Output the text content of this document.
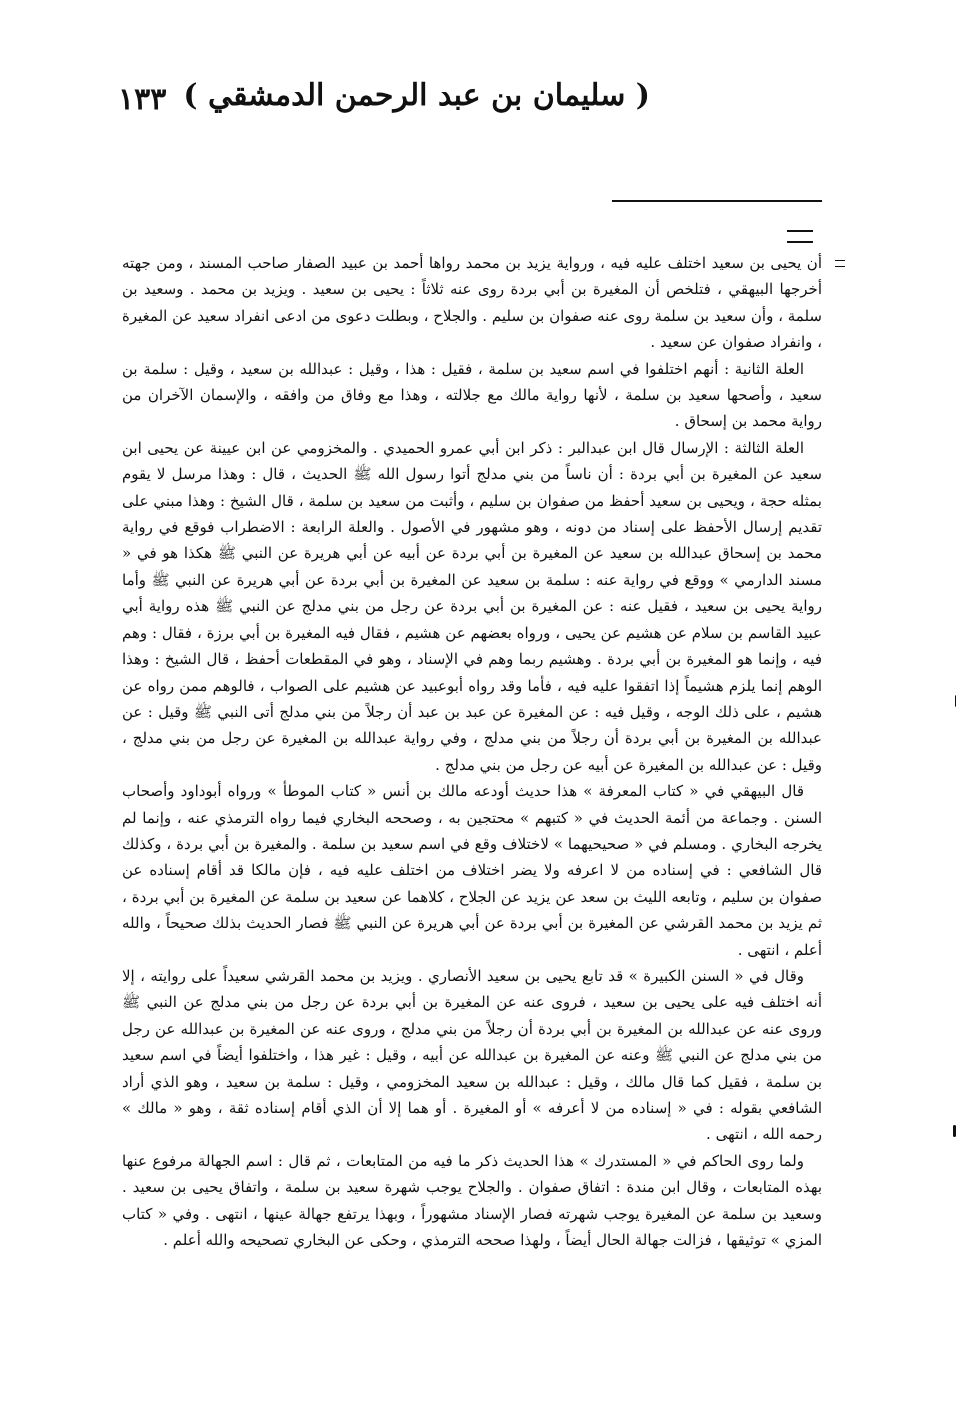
١٣٣ ( سليمان بن عبد الرحمن الدمشقي )

أن يحيى بن سعيد اختلف عليه فيه ، ورواية يزيد بن محمد رواها أحمد بن عبيد الصفار صاحب المسند ، ومن جهته أخرجها البيهقي ، فتلخص أن المغيرة بن أبي بردة روى عنه ثلاثاً : يحيى بن سعيد . ويزيد بن محمد . وسعيد بن سلمة ، وأن سعيد بن سلمة روى عنه صفوان بن سليم . والجلاح ، وبطلت دعوى من ادعى انفراد سعيد عن المغيرة ، وانفراد صفوان عن سعيد .

العلة الثانية : أنهم اختلفوا في اسم سعيد بن سلمة ، فقيل : هذا ، وقيل : عبدالله بن سعيد ، وقيل : سلمة بن سعيد ، وأصحها سعيد بن سلمة ، لأنها رواية مالك مع جلالته ، وهذا مع وفاق من وافقه ، والإسمان الآخران من رواية محمد بن إسحاق .

العلة الثالثة : الإرسال قال ابن عبدالبر : ذكر ابن أبي عمرو الحميدي . والمخزومي عن ابن عيينة عن يحيى ابن سعيد عن المغيرة بن أبي بردة : أن ناساً من بني مدلج أتوا رسول الله ﷺ الحديث ، قال : وهذا مرسل لا يقوم بمثله حجة ، ويحيى بن سعيد أحفظ من صفوان بن سليم ، وأثبت من سعيد بن سلمة ، قال الشيخ : وهذا مبني على تقديم إرسال الأحفظ على إسناد من دونه ، وهو مشهور في الأصول . والعلة الرابعة : الاضطراب فوقع في رواية محمد بن إسحاق عبدالله بن سعيد عن المغيرة بن أبي بردة عن أبيه عن أبي هريرة عن النبي ﷺ هكذا هو في « مسند الدارمي » ووقع في رواية عنه : سلمة بن سعيد عن المغيرة بن أبي بردة عن أبي هريرة عن النبي ﷺ وأما رواية يحيى بن سعيد ، فقيل عنه : عن المغيرة بن أبي بردة عن رجل من بني مدلج عن النبي ﷺ هذه رواية أبي عبيد القاسم بن سلام عن هشيم عن يحيى ، ورواه بعضهم عن هشيم ، فقال فيه المغيرة بن أبي برزة ، فقال : وهم فيه ، وإنما هو المغيرة بن أبي بردة . وهشيم ربما وهم في الإسناد ، وهو في المقطعات أحفظ ، قال الشيخ : وهذا الوهم إنما يلزم هشيماً إذا اتفقوا عليه فيه ، فأما وقد رواه أبوعبيد عن هشيم على الصواب ، فالوهم ممن رواه عن هشيم ، على ذلك الوجه ، وقيل فيه : عن المغيرة عن عبد بن عبد أن رجلاً من بني مدلج أتى النبي ﷺ وقيل : عن عبدالله بن المغيرة بن أبي بردة أن رجلاً من بني مدلج ، وفي رواية عبدالله بن المغيرة عن رجل من بني مدلج ، وقيل : عن عبدالله بن المغيرة عن أبيه عن رجل من بني مدلج .

قال البيهقي في « كتاب المعرفة » هذا حديث أودعه مالك بن أنس « كتاب الموطأ » ورواه أبوداود وأصحاب السنن . وجماعة من أئمة الحديث في « كتبهم » محتجين به ، وصححه البخاري فيما رواه الترمذي عنه ، وإنما لم يخرجه البخاري . ومسلم في « صحيحيهما » لاختلاف وقع في اسم سعيد بن سلمة . والمغيرة بن أبي بردة ، وكذلك قال الشافعي : في إسناده من لا اعرفه ولا يضر اختلاف من اختلف عليه فيه ، فإن مالكا قد أقام إسناده عن صفوان بن سليم ، وتابعه الليث بن سعد عن يزيد عن الجلاح ، كلاهما عن سعيد بن سلمة عن المغيرة بن أبي بردة ، ثم يزيد بن محمد القرشي عن المغيرة بن أبي بردة عن أبي هريرة عن النبي ﷺ فصار الحديث بذلك صحيحاً ، والله أعلم ، انتهى .

وقال في « السنن الكبيرة » قد تابع يحيى بن سعيد الأنصاري . ويزيد بن محمد القرشي سعيداً على روايته ، إلا أنه اختلف فيه على يحيى بن سعيد ، فروى عنه عن المغيرة بن أبي بردة عن رجل من بني مدلج عن النبي ﷺ وروى عنه عن عبدالله بن المغيرة بن أبي بردة أن رجلاً من بني مدلج ، وروى عنه عن المغيرة بن عبدالله عن رجل من بني مدلج عن النبي ﷺ وعنه عن المغيرة بن عبدالله عن أبيه ، وقيل : غير هذا ، واختلفوا أيضاً في اسم سعيد بن سلمة ، فقيل كما قال مالك ، وقيل : عبدالله بن سعيد المخزومي ، وقيل : سلمة بن سعيد ، وهو الذي أراد الشافعي بقوله : في « إسناده من لا أعرفه » أو المغيرة . أو هما إلا أن الذي أقام إسناده ثقة ، وهو « مالك » رحمه الله ، انتهى .

ولما روى الحاكم في « المستدرك » هذا الحديث ذكر ما فيه من المتابعات ، ثم قال : اسم الجهالة مرفوع عنها بهذه المتابعات ، وقال ابن مندة : اتفاق صفوان . والجلاح يوجب شهرة سعيد بن سلمة ، واتفاق يحيى بن سعيد . وسعيد بن سلمة عن المغيرة يوجب شهرته فصار الإسناد مشهوراً ، وبهذا يرتفع جهالة عينها ، انتهى . وفي « كتاب المزي » توثيقها ، فزالت جهالة الحال أيضاً ، ولهذا صححه الترمذي ، وحكى عن البخاري تصحيحه والله أعلم .
